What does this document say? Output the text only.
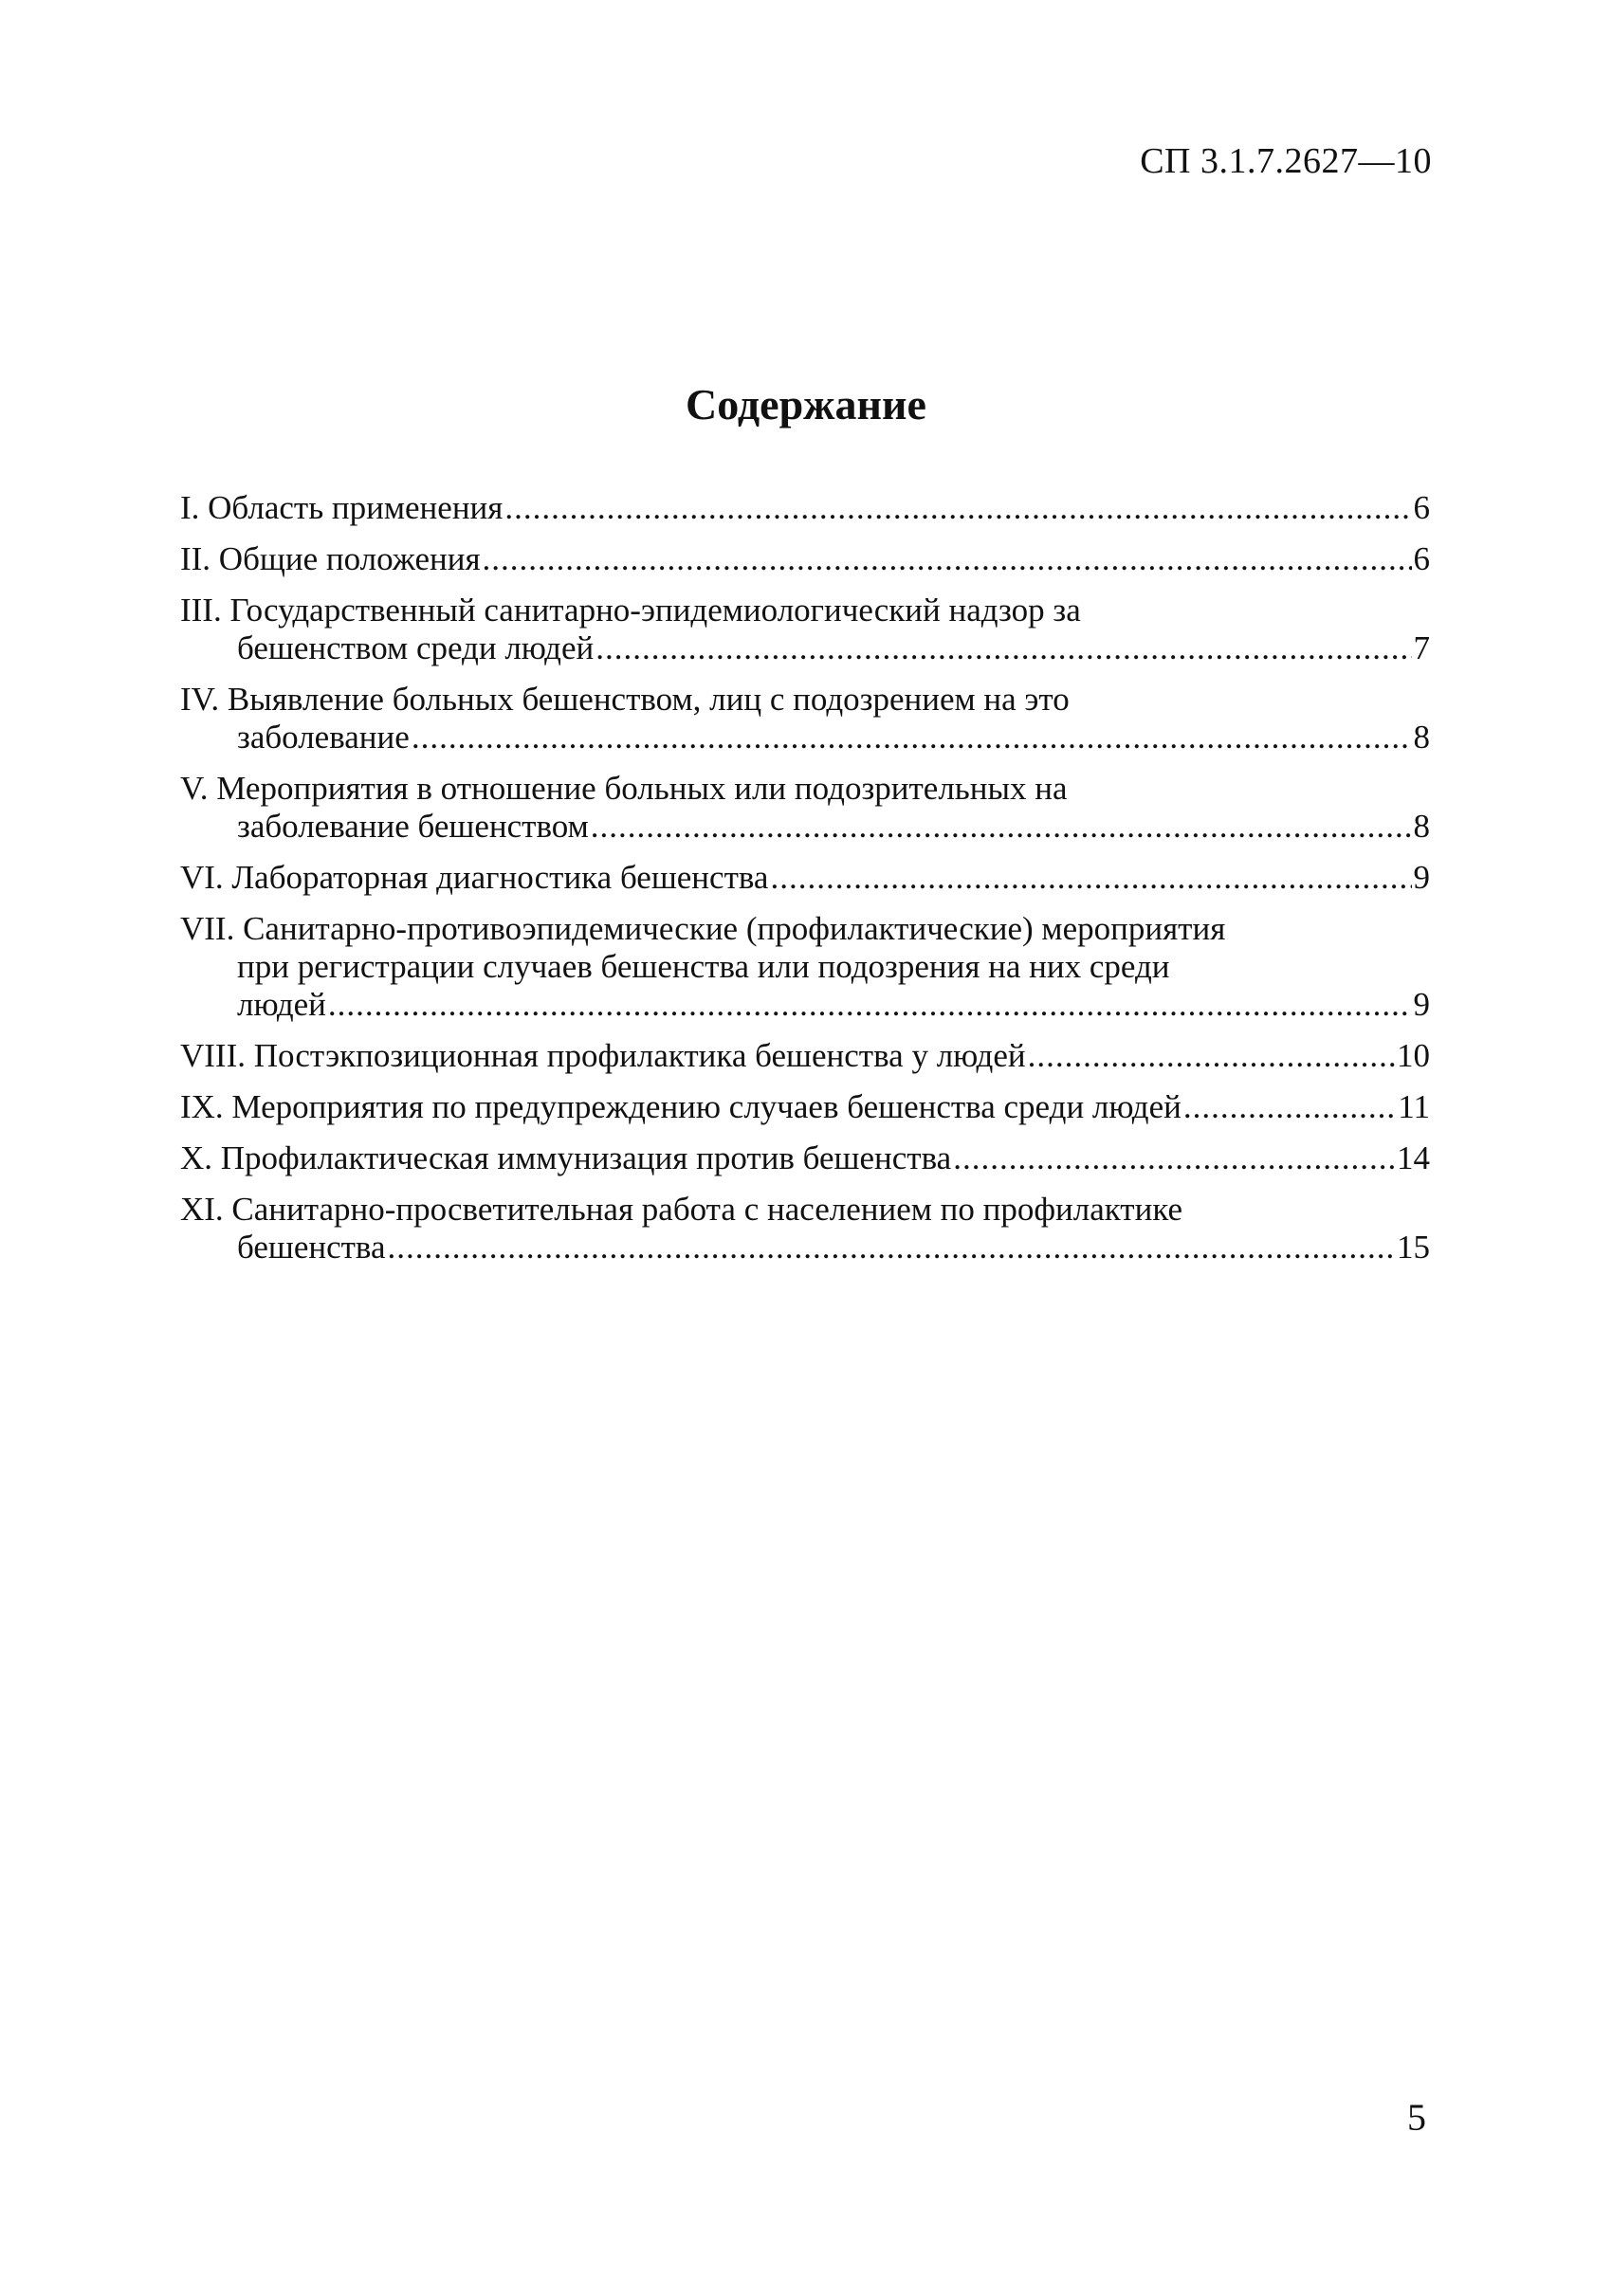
СП 3.1.7.2627—10
Содержание
I. Область применения .....	6
II. Общие положения .....	6
III. Государственный санитарно-эпидемиологический надзор за
бешенством среди людей .....	7
IV. Выявление больных бешенством, лиц с подозрением на это
заболевание .....	8
V. Мероприятия в отношение больных или подозрительных на
заболевание бешенством .....	8
VI. Лабораторная диагностика бешенства .....	9
VII. Санитарно-противоэпидемические (профилактические) мероприятия
при регистрации случаев бешенства или подозрения на них среди
людей .....	9
VIII. Постэкпозиционная профилактика бешенства у людей .....	10
IX. Мероприятия по предупреждению случаев бешенства среди людей .....	11
X. Профилактическая иммунизация против бешенства .....	14
XI. Санитарно-просветительная работа с населением по профилактике
бешенства .....	15
5
